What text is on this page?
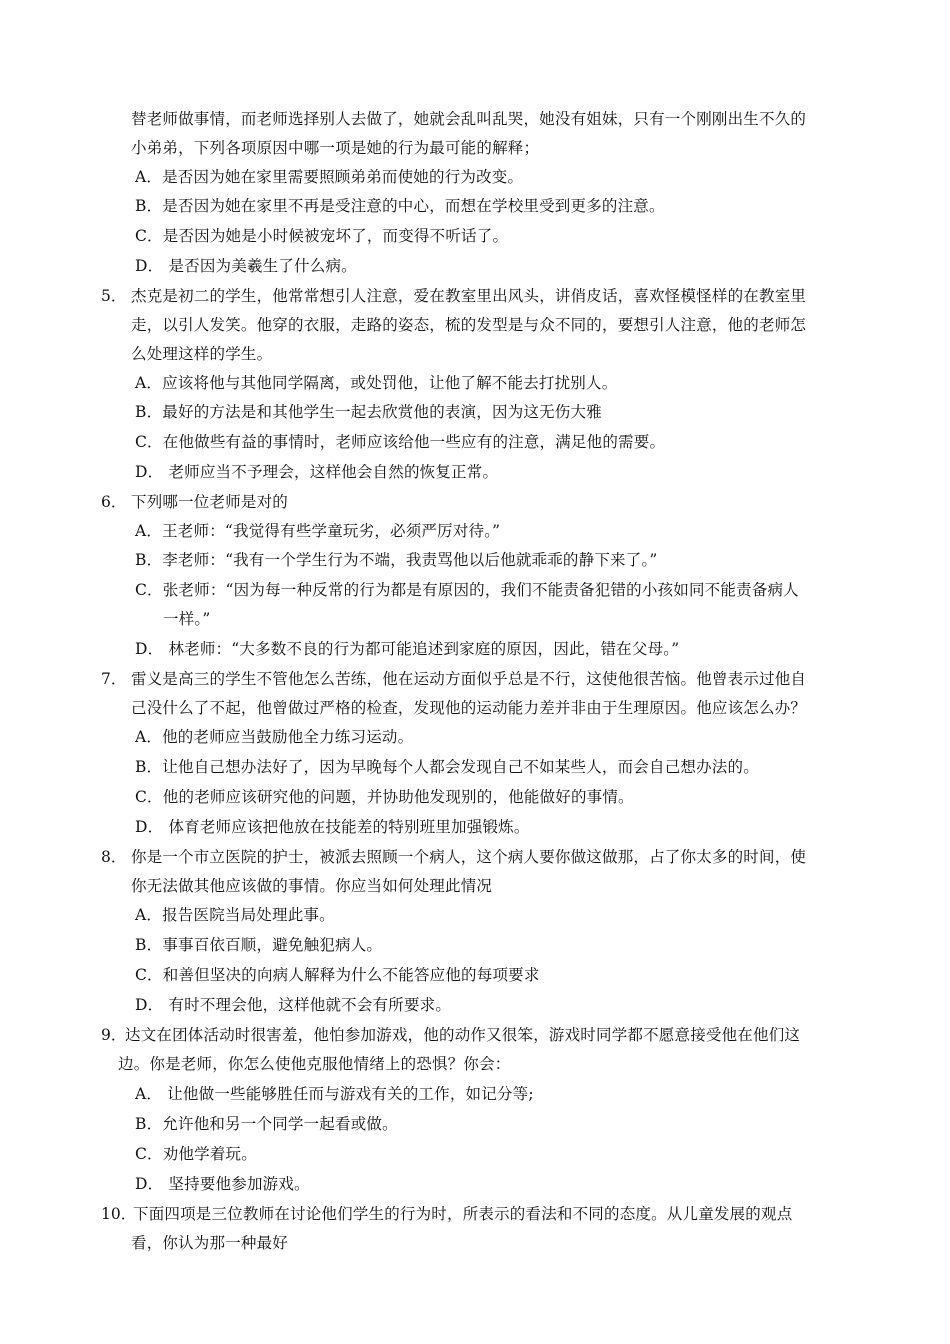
替老师做事情，而老师选择别人去做了，她就会乱叫乱哭，她没有姐妹，只有一个刚刚出生不久的
小弟弟，下列各项原因中哪一项是她的行为最可能的解释；
A．是否因为她在家里需要照顾弟弟而使她的行为改变。
B．是否因为她在家里不再是受注意的中心，而想在学校里受到更多的注意。
C．是否因为她是小时候被宠坏了，而变得不听话了。
D． 是否因为美羲生了什么病。
5． 杰克是初二的学生，他常常想引人注意，爱在教室里出风头，讲俏皮话，喜欢怪模怪样的在教室里
走，以引人发笑。他穿的衣服，走路的姿态，梳的发型是与众不同的，要想引人注意，他的老师怎
么处理这样的学生。
A．应该将他与其他同学隔离，或处罚他，让他了解不能去打扰别人。
B．最好的方法是和其他学生一起去欣赏他的表演，因为这无伤大雅
C．在他做些有益的事情时，老师应该给他一些应有的注意，满足他的需要。
D． 老师应当不予理会，这样他会自然的恢复正常。
6． 下列哪一位老师是对的
A．王老师：“我觉得有些学童玩劣，必须严厉对待。”
B．李老师：“我有一个学生行为不端，我责骂他以后他就乖乖的静下来了。”
C．张老师：“因为每一种反常的行为都是有原因的，我们不能责备犯错的小孩如同不能责备病人
一样。”
D． 林老师：“大多数不良的行为都可能追述到家庭的原因，因此，错在父母。”
7． 雷义是高三的学生不管他怎么苦练，他在运动方面似乎总是不行，这使他很苦恼。他曾表示过他自
己没什么了不起，他曾做过严格的检查，发现他的运动能力差并非由于生理原因。他应该怎么办？
A．他的老师应当鼓励他全力练习运动。
B．让他自己想办法好了，因为早晚每个人都会发现自己不如某些人，而会自己想办法的。
C．他的老师应该研究他的问题，并协助他发现别的，他能做好的事情。
D． 体育老师应该把他放在技能差的特别班里加强锻炼。
8． 你是一个市立医院的护士，被派去照顾一个病人，这个病人要你做这做那，占了你太多的时间，使
你无法做其他应该做的事情。你应当如何处理此情况
A．报告医院当局处理此事。
B．事事百依百顺，避免触犯病人。
C．和善但坚决的向病人解释为什么不能答应他的每项要求
D． 有时不理会他，这样他就不会有所要求。
9．
达文在团体活动时很害羞，他怕参加游戏，他的动作又很笨，游戏时同学都不愿意接受他在他们这
边。你是老师，你怎么使他克服他情绪上的恐惧？你会：
A． 让他做一些能够胜任而与游戏有关的工作，如记分等;
B．允许他和另一个同学一起看或做。
C．劝他学着玩。
D． 坚持要他参加游戏。
10．
下面四项是三位教师在讨论他们学生的行为时，所表示的看法和不同的态度。从儿童发展的观点
看，你认为那一种最好
